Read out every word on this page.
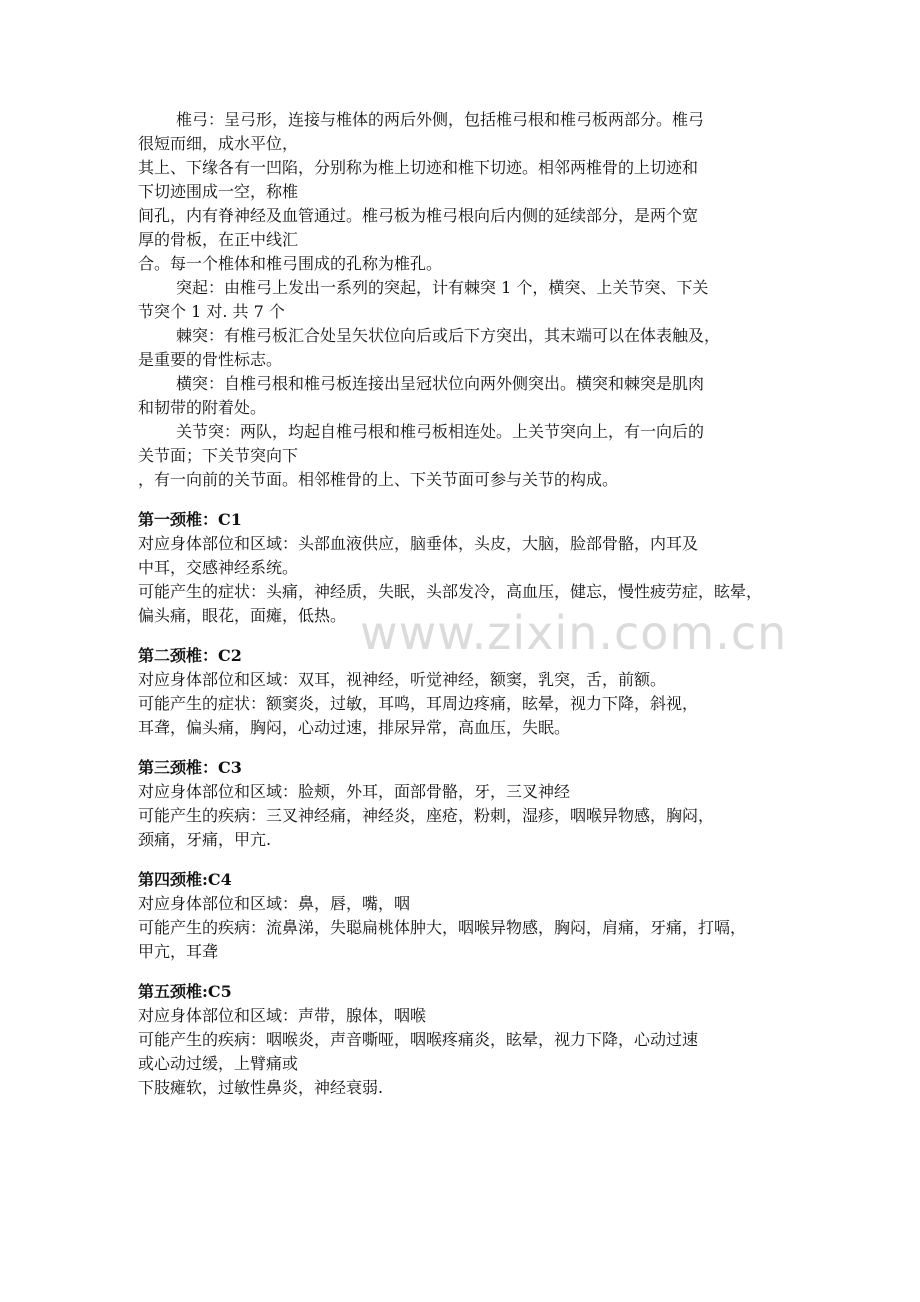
椎弓：呈弓形，连接与椎体的两后外侧，包括椎弓根和椎弓板两部分。椎弓
很短而细，成水平位，
其上、下缘各有一凹陷，分别称为椎上切迹和椎下切迹。相邻两椎骨的上切迹和
下切迹围成一空，称椎
间孔，内有脊神经及血管通过。椎弓板为椎弓根向后内侧的延续部分，是两个宽
厚的骨板，在正中线汇
合。每一个椎体和椎弓围成的孔称为椎孔。
突起：由椎弓上发出一系列的突起，计有棘突 1 个，横突、上关节突、下关
节突个 1 对. 共 7 个
棘突：有椎弓板汇合处呈矢状位向后或后下方突出，其末端可以在体表触及，
是重要的骨性标志。
横突：自椎弓根和椎弓板连接出呈冠状位向两外侧突出。横突和棘突是肌肉
和韧带的附着处。
关节突：两队，均起自椎弓根和椎弓板相连处。上关节突向上，有一向后的
关节面；下关节突向下
，有一向前的关节面。相邻椎骨的上、下关节面可参与关节的构成。
第一颈椎：C1
对应身体部位和区域：头部血液供应，脑垂体，头皮，大脑，脸部骨骼，内耳及
中耳，交感神经系统。
可能产生的症状：头痛，神经质，失眠，头部发冷，高血压，健忘，慢性疲劳症，眩晕，
偏头痛，眼花，面瘫，低热。
第二颈椎：C2
对应身体部位和区域：双耳，视神经，听觉神经，额窦，乳突，舌，前额。
可能产生的症状：额窦炎，过敏，耳鸣，耳周边疼痛，眩晕，视力下降，斜视，
耳聋，偏头痛，胸闷，心动过速，排尿异常，高血压，失眠。
第三颈椎：C3
对应身体部位和区域：脸颊，外耳，面部骨骼，牙，三叉神经
可能产生的疾病：三叉神经痛，神经炎，座疮，粉刺，湿疹，咽喉异物感，胸闷，
颈痛，牙痛，甲亢.
第四颈椎:C4
对应身体部位和区域：鼻，唇，嘴，咽
可能产生的疾病：流鼻涕，失聪扁桃体肿大，咽喉异物感，胸闷，肩痛，牙痛，打嗝，
甲亢，耳聋
第五颈椎:C5
对应身体部位和区域：声带，腺体，咽喉
可能产生的疾病：咽喉炎，声音嘶哑，咽喉疼痛炎，眩晕，视力下降，心动过速
或心动过缓，上臂痛或
下肢瘫软，过敏性鼻炎，神经衰弱.
www.zixin.com.cn
